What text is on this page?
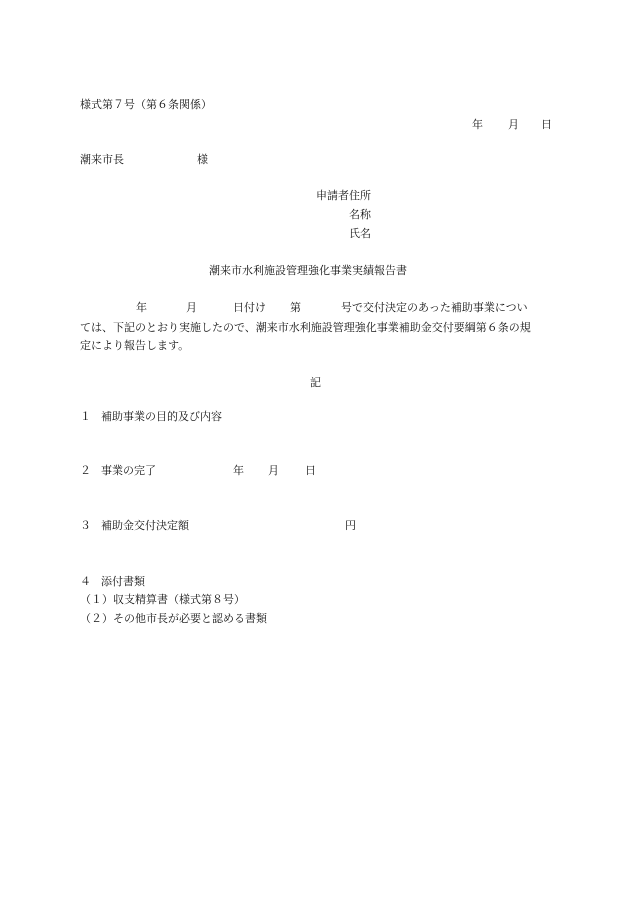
様式第７号（第６条関係）
年 月 日
潮来市長	様
申請者住所
名称
氏名
潮来市水利施設管理強化事業実績報告書
年	月	日付け 第	号で交付決定のあった補助事業につい
ては、下記のとおり実施したので、潮来市水利施設管理強化事業補助金交付要綱第６条の規
定により報告します。
記
１ 補助事業の目的及び内容
２ 事業の完了	年 月 日
３ 補助金交付決定額	円
４ 添付書類
（１）収支精算書（様式第８号）
（２）その他市長が必要と認める書類
